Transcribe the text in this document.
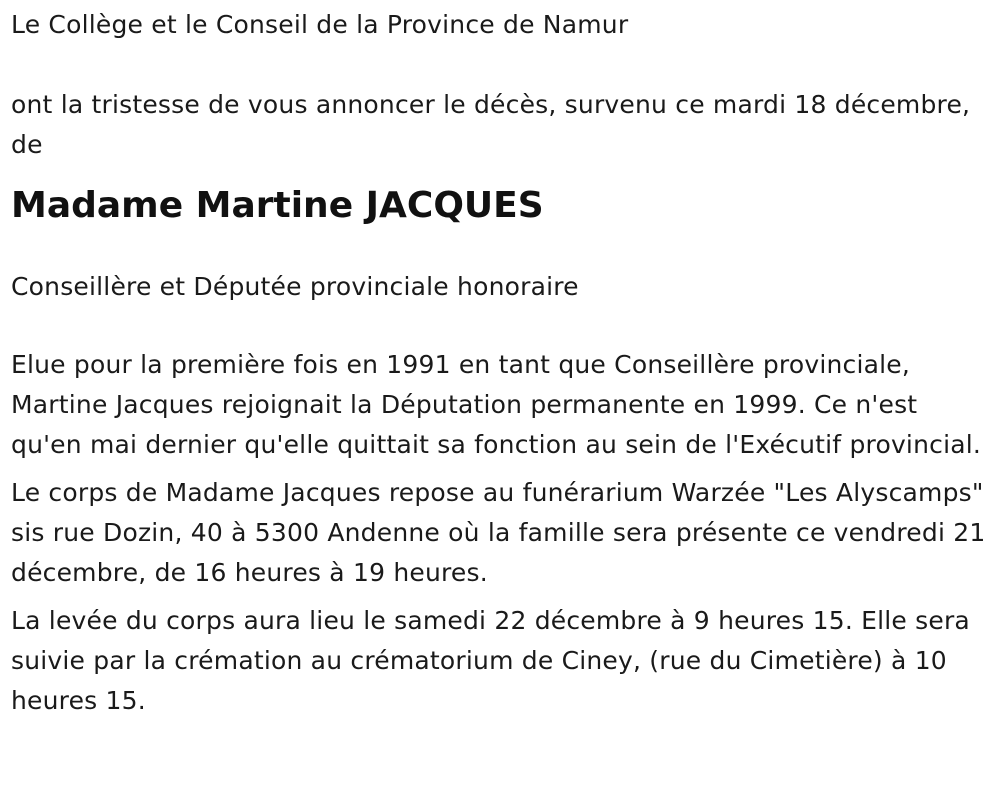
Le Collège et le Conseil de la Province de Namur

ont la tristesse de vous annoncer le décès, survenu ce mardi 18 décembre, de

Madame Martine JACQUES

Conseillère et Députée provinciale honoraire

Elue pour la première fois en 1991 en tant que Conseillère provinciale, Martine Jacques rejoignait la Députation permanente en 1999. Ce n'est qu'en mai dernier qu'elle quittait sa fonction au sein de l'Exécutif provincial.

Le corps de Madame Jacques repose au funérarium Warzée "Les Alyscamps" sis rue Dozin, 40 à 5300 Andenne où la famille sera présente ce vendredi 21 décembre, de 16 heures à 19 heures.

La levée du corps aura lieu le samedi 22 décembre à 9 heures 15. Elle sera suivie par la crémation au crématorium de Ciney, (rue du Cimetière) à 10 heures 15.
